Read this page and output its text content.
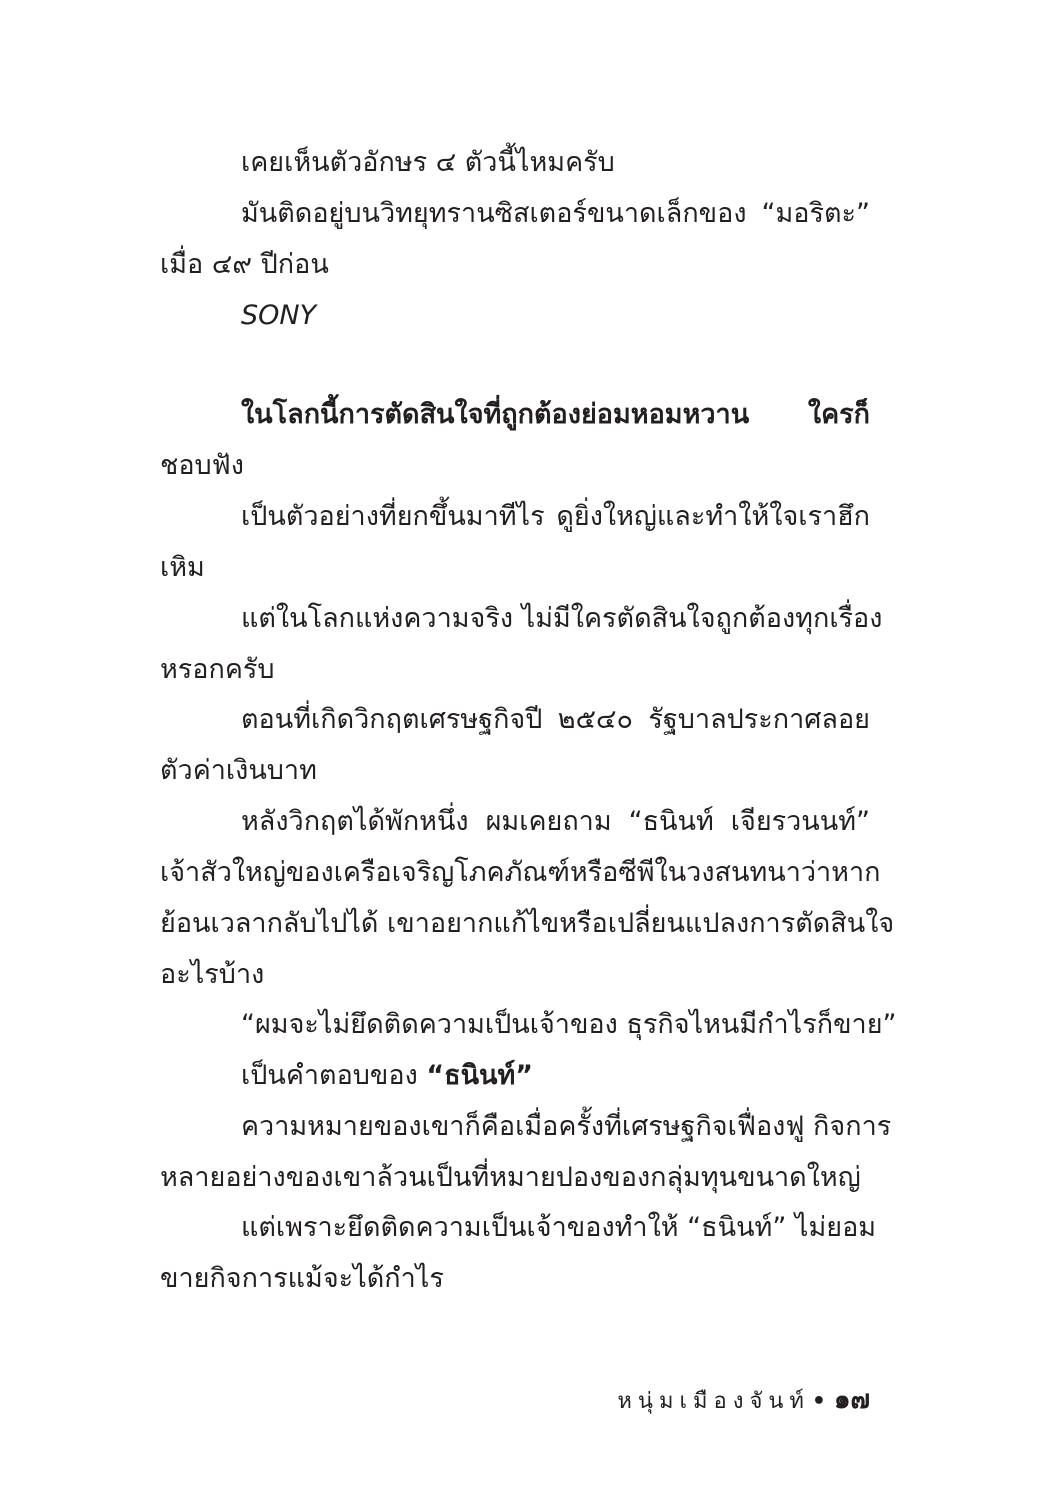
เคยเห็นตัวอักษร ๔ ตัวนี้ไหมครับ
มันติดอยู่บนวิทยุทรานซิสเตอร์ขนาดเล็กของ “มอริตะ”
เมื่อ ๔๙ ปีก่อน
SONY
ในโลกนี้การตัดสินใจที่ถูกต้องย่อมหอมหวาน ใครก็
ชอบฟัง
เป็นตัวอย่างที่ยกขึ้นมาทีไร ดูยิ่งใหญ่และทำให้ใจเราฮึก
เหิม
แต่ในโลกแห่งความจริง ไม่มีใครตัดสินใจถูกต้องทุกเรื่อง
หรอกครับ
ตอนที่เกิดวิกฤตเศรษฐกิจปี ๒๕๔๐ รัฐบาลประกาศลอย
ตัวค่าเงินบาท
หลังวิกฤตได้พักหนึ่ง ผมเคยถาม “ธนินท์ เจียรวนนท์”
เจ้าสัวใหญ่ของเครือเจริญโภคภัณฑ์หรือซีพีในวงสนทนาว่าหาก
ย้อนเวลากลับไปได้ เขาอยากแก้ไขหรือเปลี่ยนแปลงการตัดสินใจ
อะไรบ้าง
“ผมจะไม่ยึดติดความเป็นเจ้าของ ธุรกิจไหนมีกำไรก็ขาย”
เป็นคำตอบของ “ธนินท์”
ความหมายของเขาก็คือเมื่อครั้งที่เศรษฐกิจเฟื่องฟู กิจการ
หลายอย่างของเขาล้วนเป็นที่หมายปองของกลุ่มทุนขนาดใหญ่
แต่เพราะยึดติดความเป็นเจ้าของทำให้ “ธนินท์” ไม่ยอม
ขายกิจการแม้จะได้กำไร
หนุ่มเมืองจันท์• ๑๗
